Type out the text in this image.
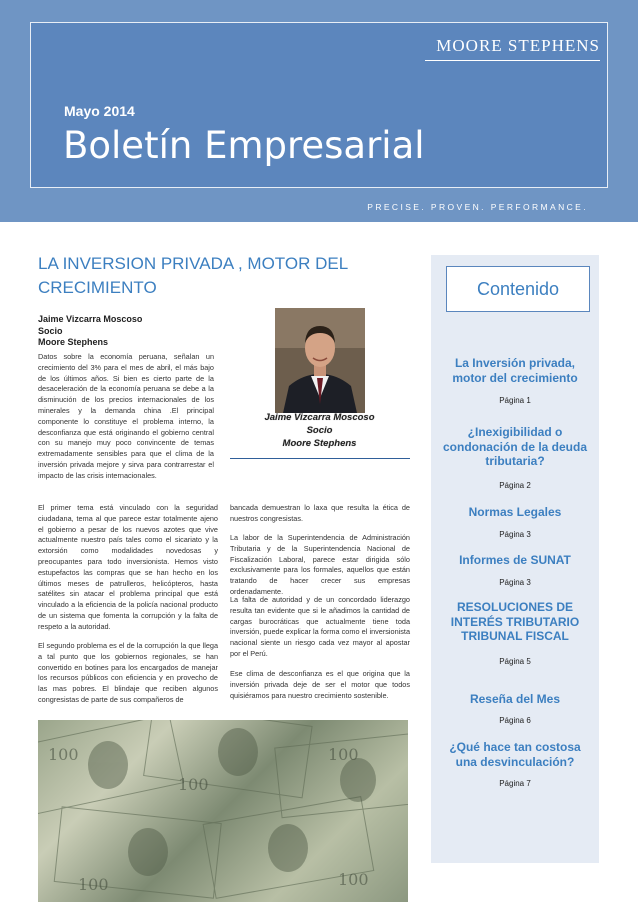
MOORE STEPHENS
Mayo 2014
Boletín Empresarial
PRECISE. PROVEN. PERFORMANCE.
LA INVERSION PRIVADA , MOTOR DEL
CRECIMIENTO
Jaime Vizcarra Moscoso
Socio
Moore Stephens
Jaime Vizcarra Moscoso
Socio
Moore Stephens

Datos sobre la economía peruana, señalan un crecimiento del 3% para el mes de abril, el más bajo de los últimos años. Si bien es cierto parte de la desaceleración de la economía peruana se debe a la disminución de los precios internacionales de los minerales y la demanda china .El principal componente lo constituye el problema interno, la desconfianza que está originando el gobierno central con su manejo muy poco convincente de temas extremadamente sensibles para que el clima de la inversión privada mejore y sirva para contrarrestar el impacto de las crisis internacionales.

El primer tema está vinculado con la seguridad ciudadana, tema al que parece estar totalmente ajeno el gobierno a pesar de los nuevos azotes que vive actualmente nuestro país tales como el sicariato y la extorsión como modalidades novedosas y preocupantes para todo inversionista. Hemos visto estupefactos las compras que se han hecho en los últimos meses de patrulleros, helicópteros, hasta satélites sin atacar el problema principal que está vinculado a la eficiencia de la policía nacional producto de un sistema que fomenta la corrupción y la falta de respeto a la autoridad.

El segundo problema es el de la corrupción la que llega a tal punto que los gobiernos regionales, se han convertido en botines para los encargados de manejar los recursos públicos con eficiencia y en provecho de las mas pobres. El blindaje que reciben algunos congresistas de parte de sus compañeros de

bancada demuestran lo laxa que resulta la ética de nuestros congresistas.

La labor de la Superintendencia de Administración Tributaria y de la Superintendencia Nacional de Fiscalización Laboral, parece estar dirigida sólo exclusivamente para los formales, aquellos que están tratando de hacer crecer sus empresas ordenadamente.

La falta de autoridad y de un concordado liderazgo resulta tan evidente que si le añadimos la cantidad de cargas burocráticas que actualmente tiene toda inversión, puede explicar la forma como el inversionista nacional siente un riesgo cada vez mayor al apostar por el Perú.

Ese clima de desconfianza es el que origina que la inversión privada deje de ser el motor que todos quisiéramos para nuestro crecimiento sostenible.

100
100
100
100	100
Contenido
La Inversión privada, motor del crecimiento
Página 1
¿Inexigibilidad o condonación de la deuda tributaria?
Página 2
Normas Legales
Página 3
Informes de SUNAT
Página 3
RESOLUCIONES DE INTERÉS TRIBUTARIO TRIBUNAL FISCAL
Página 5
Reseña del Mes
Página 6
¿Qué hace tan costosa una desvinculación?
Página 7
